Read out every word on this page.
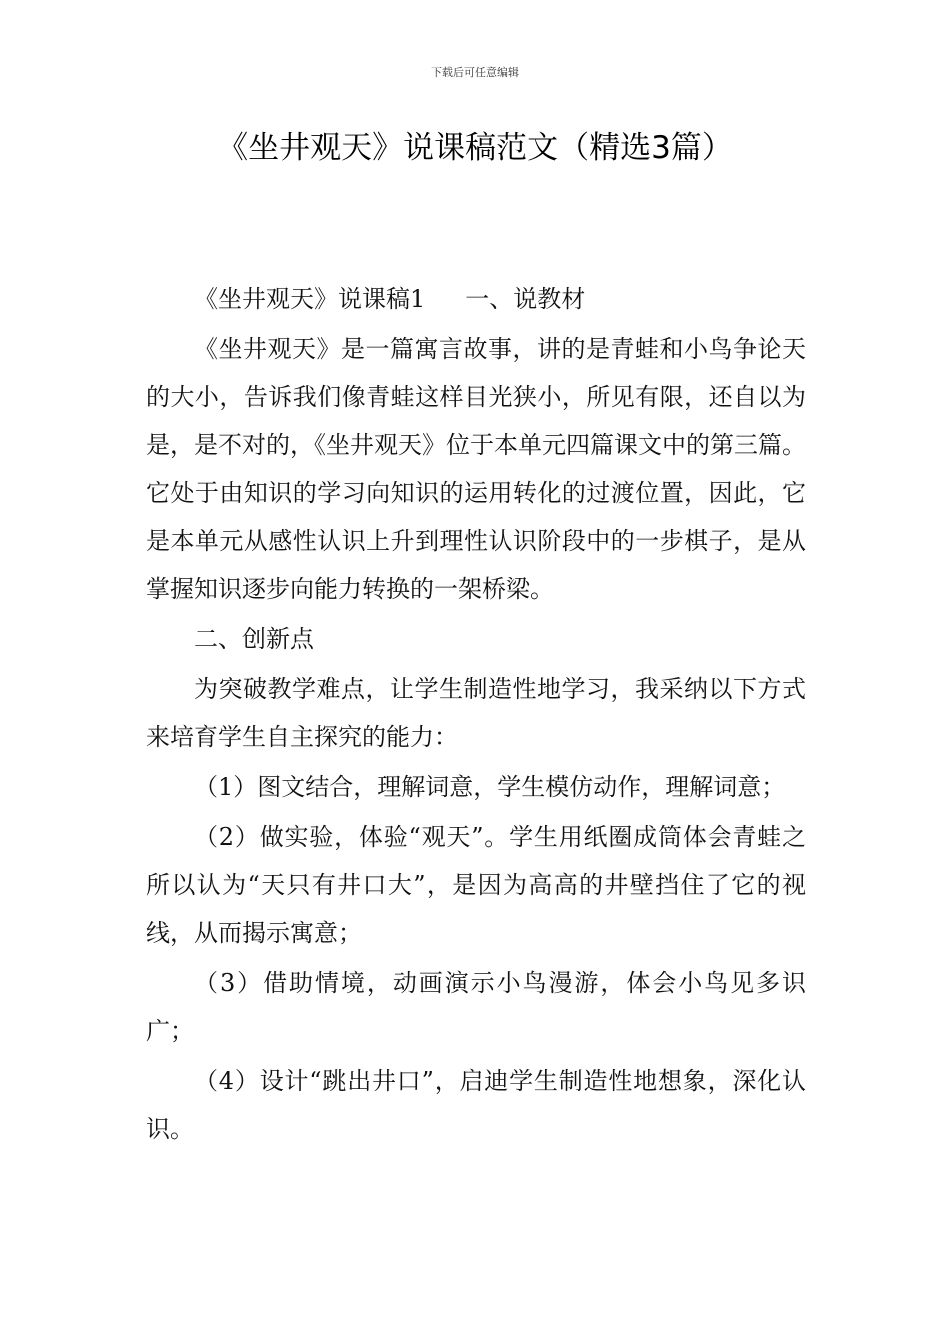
下载后可任意编辑
《坐井观天》说课稿范文（精选3篇）

《坐井观天》说课稿1 一、说教材

《坐井观天》是一篇寓言故事，讲的是青蛙和小鸟争论天的大小，告诉我们像青蛙这样目光狭小，所见有限，还自以为是，是不对的，《坐井观天》位于本单元四篇课文中的第三篇。它处于由知识的学习向知识的运用转化的过渡位置，因此，它是本单元从感性认识上升到理性认识阶段中的一步棋子，是从掌握知识逐步向能力转换的一架桥梁。

二、创新点

为突破教学难点，让学生制造性地学习，我采纳以下方式来培育学生自主探究的能力：

（1）图文结合，理解词意，学生模仿动作，理解词意；

（2）做实验，体验“观天”。学生用纸圈成筒体会青蛙之所以认为“天只有井口大”，是因为高高的井壁挡住了它的视线，从而揭示寓意；

（3）借助情境，动画演示小鸟漫游，体会小鸟见多识广；

（4）设计“跳出井口”，启迪学生制造性地想象，深化认识。
